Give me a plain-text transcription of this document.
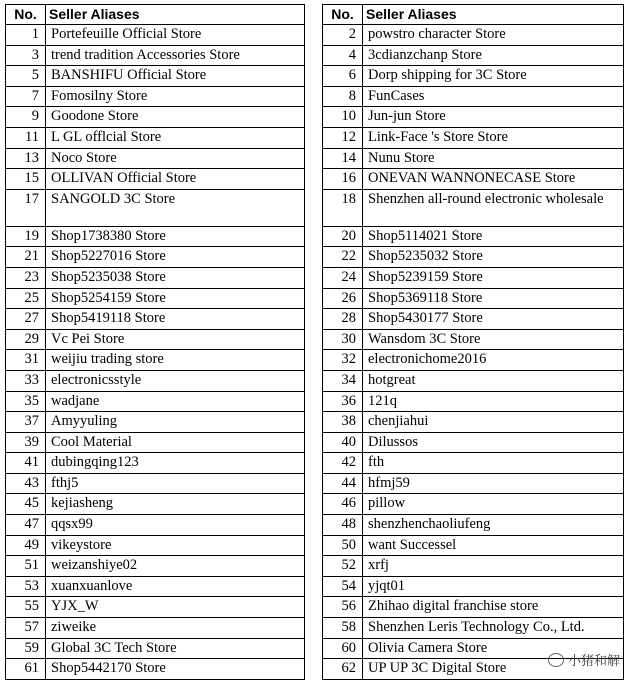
No.	Seller Aliases
1	Portefeuille Official Store
3	trend tradition Accessories Store
5	BANSHIFU Official Store
7	Fomosilny Store
9	Goodone Store
11	L GL offlcial Store
13	Noco Store
15	OLLIVAN Official Store
17	SANGOLD 3C Store
19	Shop1738380 Store
21	Shop5227016 Store
23	Shop5235038 Store
25	Shop5254159 Store
27	Shop5419118 Store
29	Vc Pei Store
31	weijiu trading store
33	electronicsstyle
35	wadjane
37	Amyyuling
39	Cool Material
41	dubingqing123
43	fthj5
45	kejiasheng
47	qqsx99
49	vikeystore
51	weizanshiye02
53	xuanxuanlove
55	YJX_W
57	ziweike
59	Global 3C Tech Store
61	Shop5442170 Store
No.	Seller Aliases
2	powstro character Store
4	3cdianzchanp Store
6	Dorp shipping for 3C Store
8	FunCases
10	Jun-jun Store
12	Link-Face 's Store Store
14	Nunu Store
16	ONEVAN WANNONECASE Store
18	Shenzhen all-round electronic wholesale
20	Shop5114021 Store
22	Shop5235032 Store
24	Shop5239159 Store
26	Shop5369118 Store
28	Shop5430177 Store
30	Wansdom 3C Store
32	electronichome2016
34	hotgreat
36	121q
38	chenjiahui
40	Dilussos
42	fth
44	hfmj59
46	pillow
48	shenzhenchaoliufeng
50	want Successel
52	xrfj
54	yjqt01
56	Zhihao digital franchise store
58	Shenzhen Leris Technology Co., Ltd.
60	Olivia Camera Store
62	UP UP 3C Digital Store	小猪和解
